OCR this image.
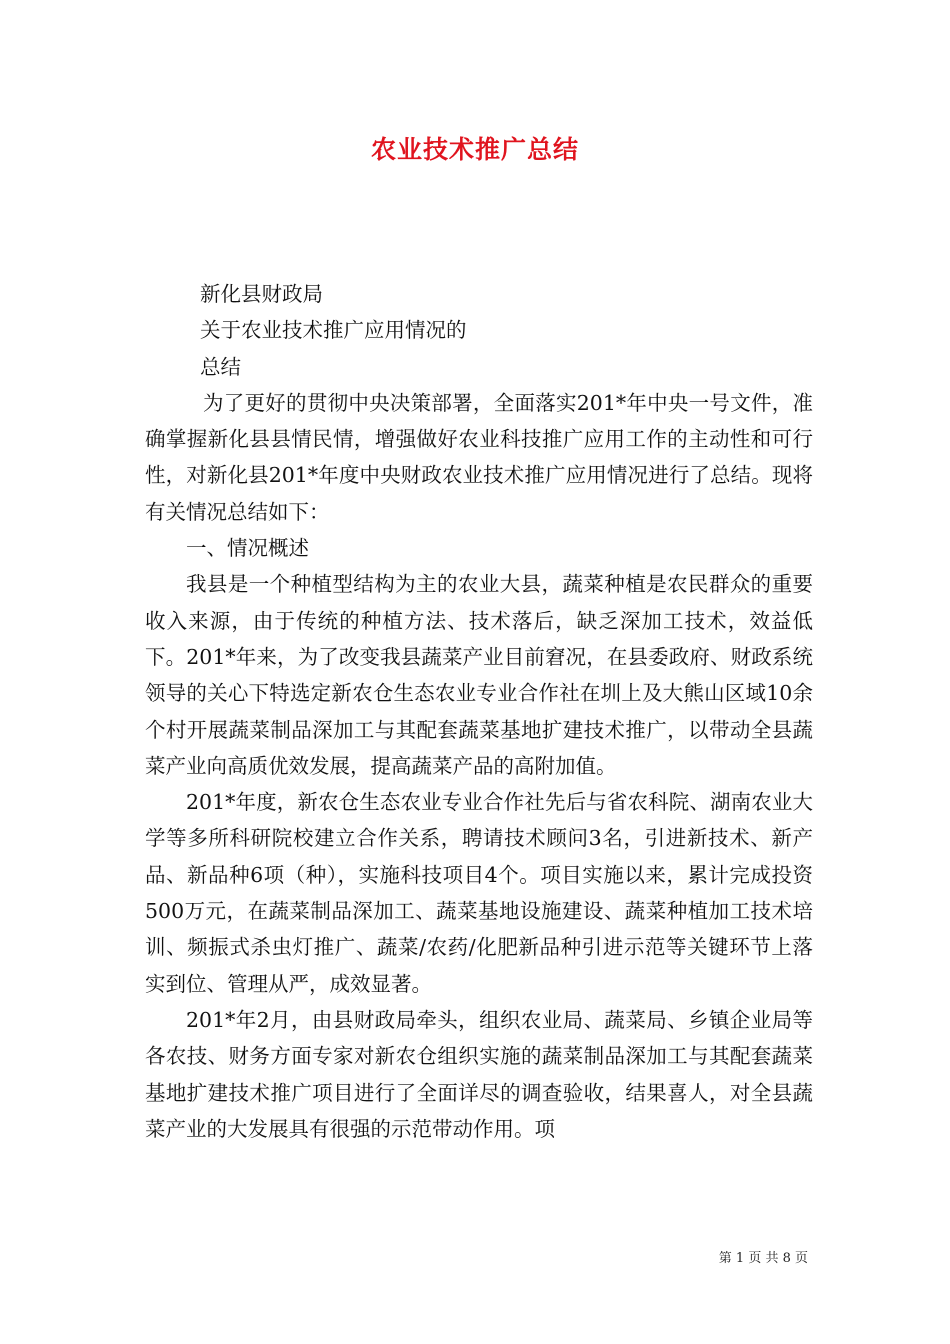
农业技术推广总结

新化县财政局

关于农业技术推广应用情况的

总结

为了更好的贯彻中央决策部署，全面落实201*年中央一号文件，准确掌握新化县县情民情，增强做好农业科技推广应用工作的主动性和可行性，对新化县201*年度中央财政农业技术推广应用情况进行了总结。现将有关情况总结如下：

一、情况概述

我县是一个种植型结构为主的农业大县，蔬菜种植是农民群众的重要收入来源，由于传统的种植方法、技术落后，缺乏深加工技术，效益低下。201*年来，为了改变我县蔬菜产业目前窘况，在县委政府、财政系统领导的关心下特选定新农仓生态农业专业合作社在圳上及大熊山区域10余个村开展蔬菜制品深加工与其配套蔬菜基地扩建技术推广，以带动全县蔬菜产业向高质优效发展，提高蔬菜产品的高附加值。

201*年度，新农仓生态农业专业合作社先后与省农科院、湖南农业大学等多所科研院校建立合作关系，聘请技术顾问3名，引进新技术、新产品、新品种6项（种），实施科技项目4个。项目实施以来，累计完成投资500万元，在蔬菜制品深加工、蔬菜基地设施建设、蔬菜种植加工技术培训、频振式杀虫灯推广、蔬菜/农药/化肥新品种引进示范等关键环节上落实到位、管理从严，成效显著。

201*年2月，由县财政局牵头，组织农业局、蔬菜局、乡镇企业局等各农技、财务方面专家对新农仓组织实施的蔬菜制品深加工与其配套蔬菜基地扩建技术推广项目进行了全面详尽的调查验收，结果喜人，对全县蔬菜产业的大发展具有很强的示范带动作用。项

第 1 页 共 8 页
